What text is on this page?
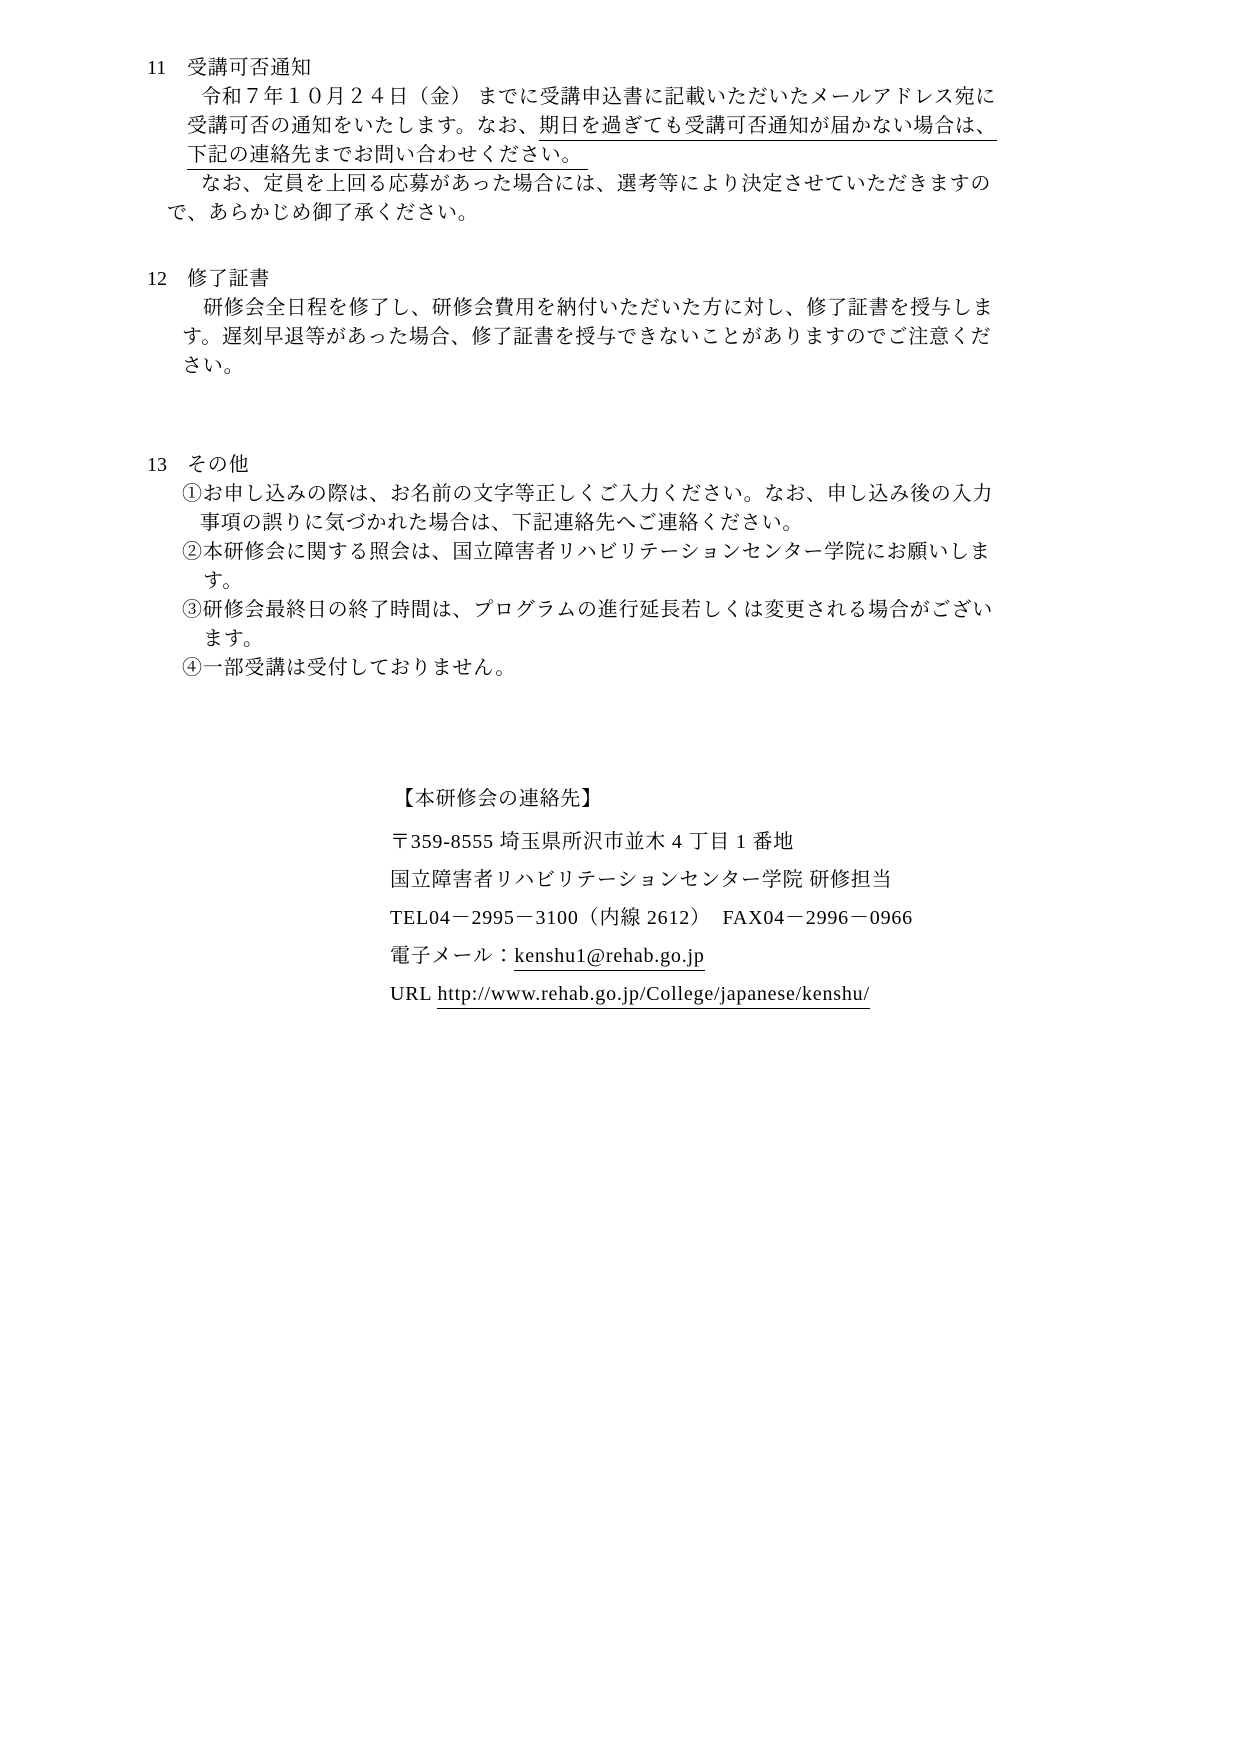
11 受講可否通知
令和７年１０月２４日（金） までに受講申込書に記載いただいたメールアドレス宛に
受講可否の通知をいたします。なお、期日を過ぎても受講可否通知が届かない場合は、
下記の連絡先までお問い合わせください。
なお、定員を上回る応募があった場合には、選考等により決定させていただきますの
で、あらかじめ御了承ください。
12 修了証書
研修会全日程を修了し、研修会費用を納付いただいた方に対し、修了証書を授与しま
す。遅刻早退等があった場合、修了証書を授与できないことがありますのでご注意くだ
さい。
13 その他
①お申し込みの際は、お名前の文字等正しくご入力ください。なお、申し込み後の入力
事項の誤りに気づかれた場合は、下記連絡先へご連絡ください。
②本研修会に関する照会は、国立障害者リハビリテーションセンター学院にお願いしま
す。
③研修会最終日の終了時間は、プログラムの進行延長若しくは変更される場合がござい
ます。
④一部受講は受付しておりません。
【本研修会の連絡先】
〒359-8555 埼玉県所沢市並木 4 丁目 1 番地
国立障害者リハビリテーションセンター学院 研修担当
TEL04－2995－3100（内線 2612）  FAX04－2996－0966
電子メール：kenshu1@rehab.go.jp
URL http://www.rehab.go.jp/College/japanese/kenshu/
